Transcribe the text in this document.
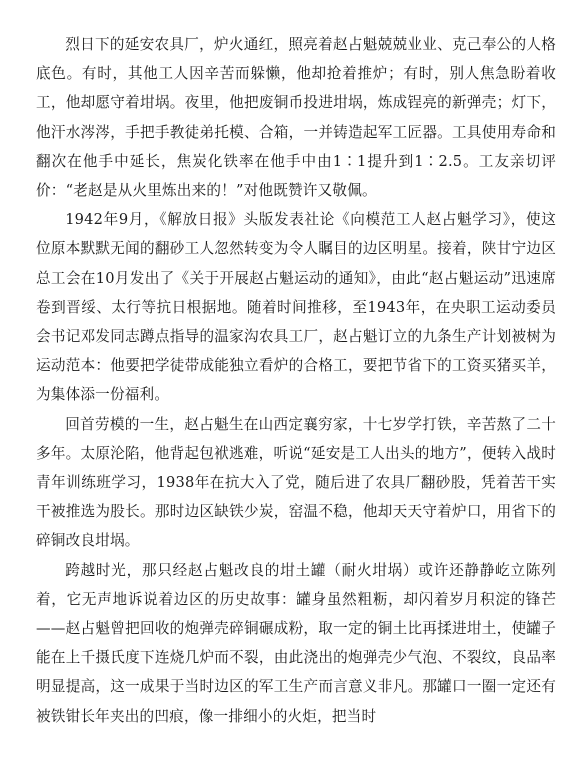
烈日下的延安农具厂，炉火通红，照亮着赵占魁兢兢业业、克己奉公的人格底色。有时，其他工人因辛苦而躲懒，他却抢着推炉；有时，别人焦急盼着收工，他却愿守着坩埚。夜里，他把废铜币投进坩埚，炼成锃亮的新弹壳；灯下，他汗水涔涔，手把手教徒弟托模、合箱，一并铸造起军工匠器。工具使用寿命和翻次在他手中延长，焦炭化铁率在他手中由1∶1提升到1∶2.5。工友亲切评价：“老赵是从火里炼出来的！”对他既赞许又敬佩。

1942年9月，《解放日报》头版发表社论《向模范工人赵占魁学习》，使这位原本默默无闻的翻砂工人忽然转变为令人瞩目的边区明星。接着，陕甘宁边区总工会在10月发出了《关于开展赵占魁运动的通知》，由此“赵占魁运动”迅速席卷到晋绥、太行等抗日根据地。随着时间推移，至1943年，在央职工运动委员会书记邓发同志蹲点指导的温家沟农具工厂，赵占魁订立的九条生产计划被树为运动范本：他要把学徒带成能独立看炉的合格工，要把节省下的工资买猪买羊，为集体添一份福利。

回首劳模的一生，赵占魁生在山西定襄穷家，十七岁学打铁，辛苦熬了二十多年。太原沦陷，他背起包袱逃难，听说“延安是工人出头的地方”，便转入战时青年训练班学习，1938年在抗大入了党，随后进了农具厂翻砂股，凭着苦干实干被推选为股长。那时边区缺铁少炭，窑温不稳，他却天天守着炉口，用省下的碎铜改良坩埚。

跨越时光，那只经赵占魁改良的坩土罐（耐火坩埚）或许还静静屹立陈列着，它无声地诉说着边区的历史故事：罐身虽然粗粝，却闪着岁月积淀的锋芒——赵占魁曾把回收的炮弹壳碎铜碾成粉，取一定的铜土比再揉进坩土，使罐子能在上千摄氏度下连烧几炉而不裂，由此浇出的炮弹壳少气泡、不裂纹，良品率明显提高，这一成果于当时边区的军工生产而言意义非凡。那罐口一圈一定还有被铁钳长年夹出的凹痕，像一排细小的火炬，把当时
